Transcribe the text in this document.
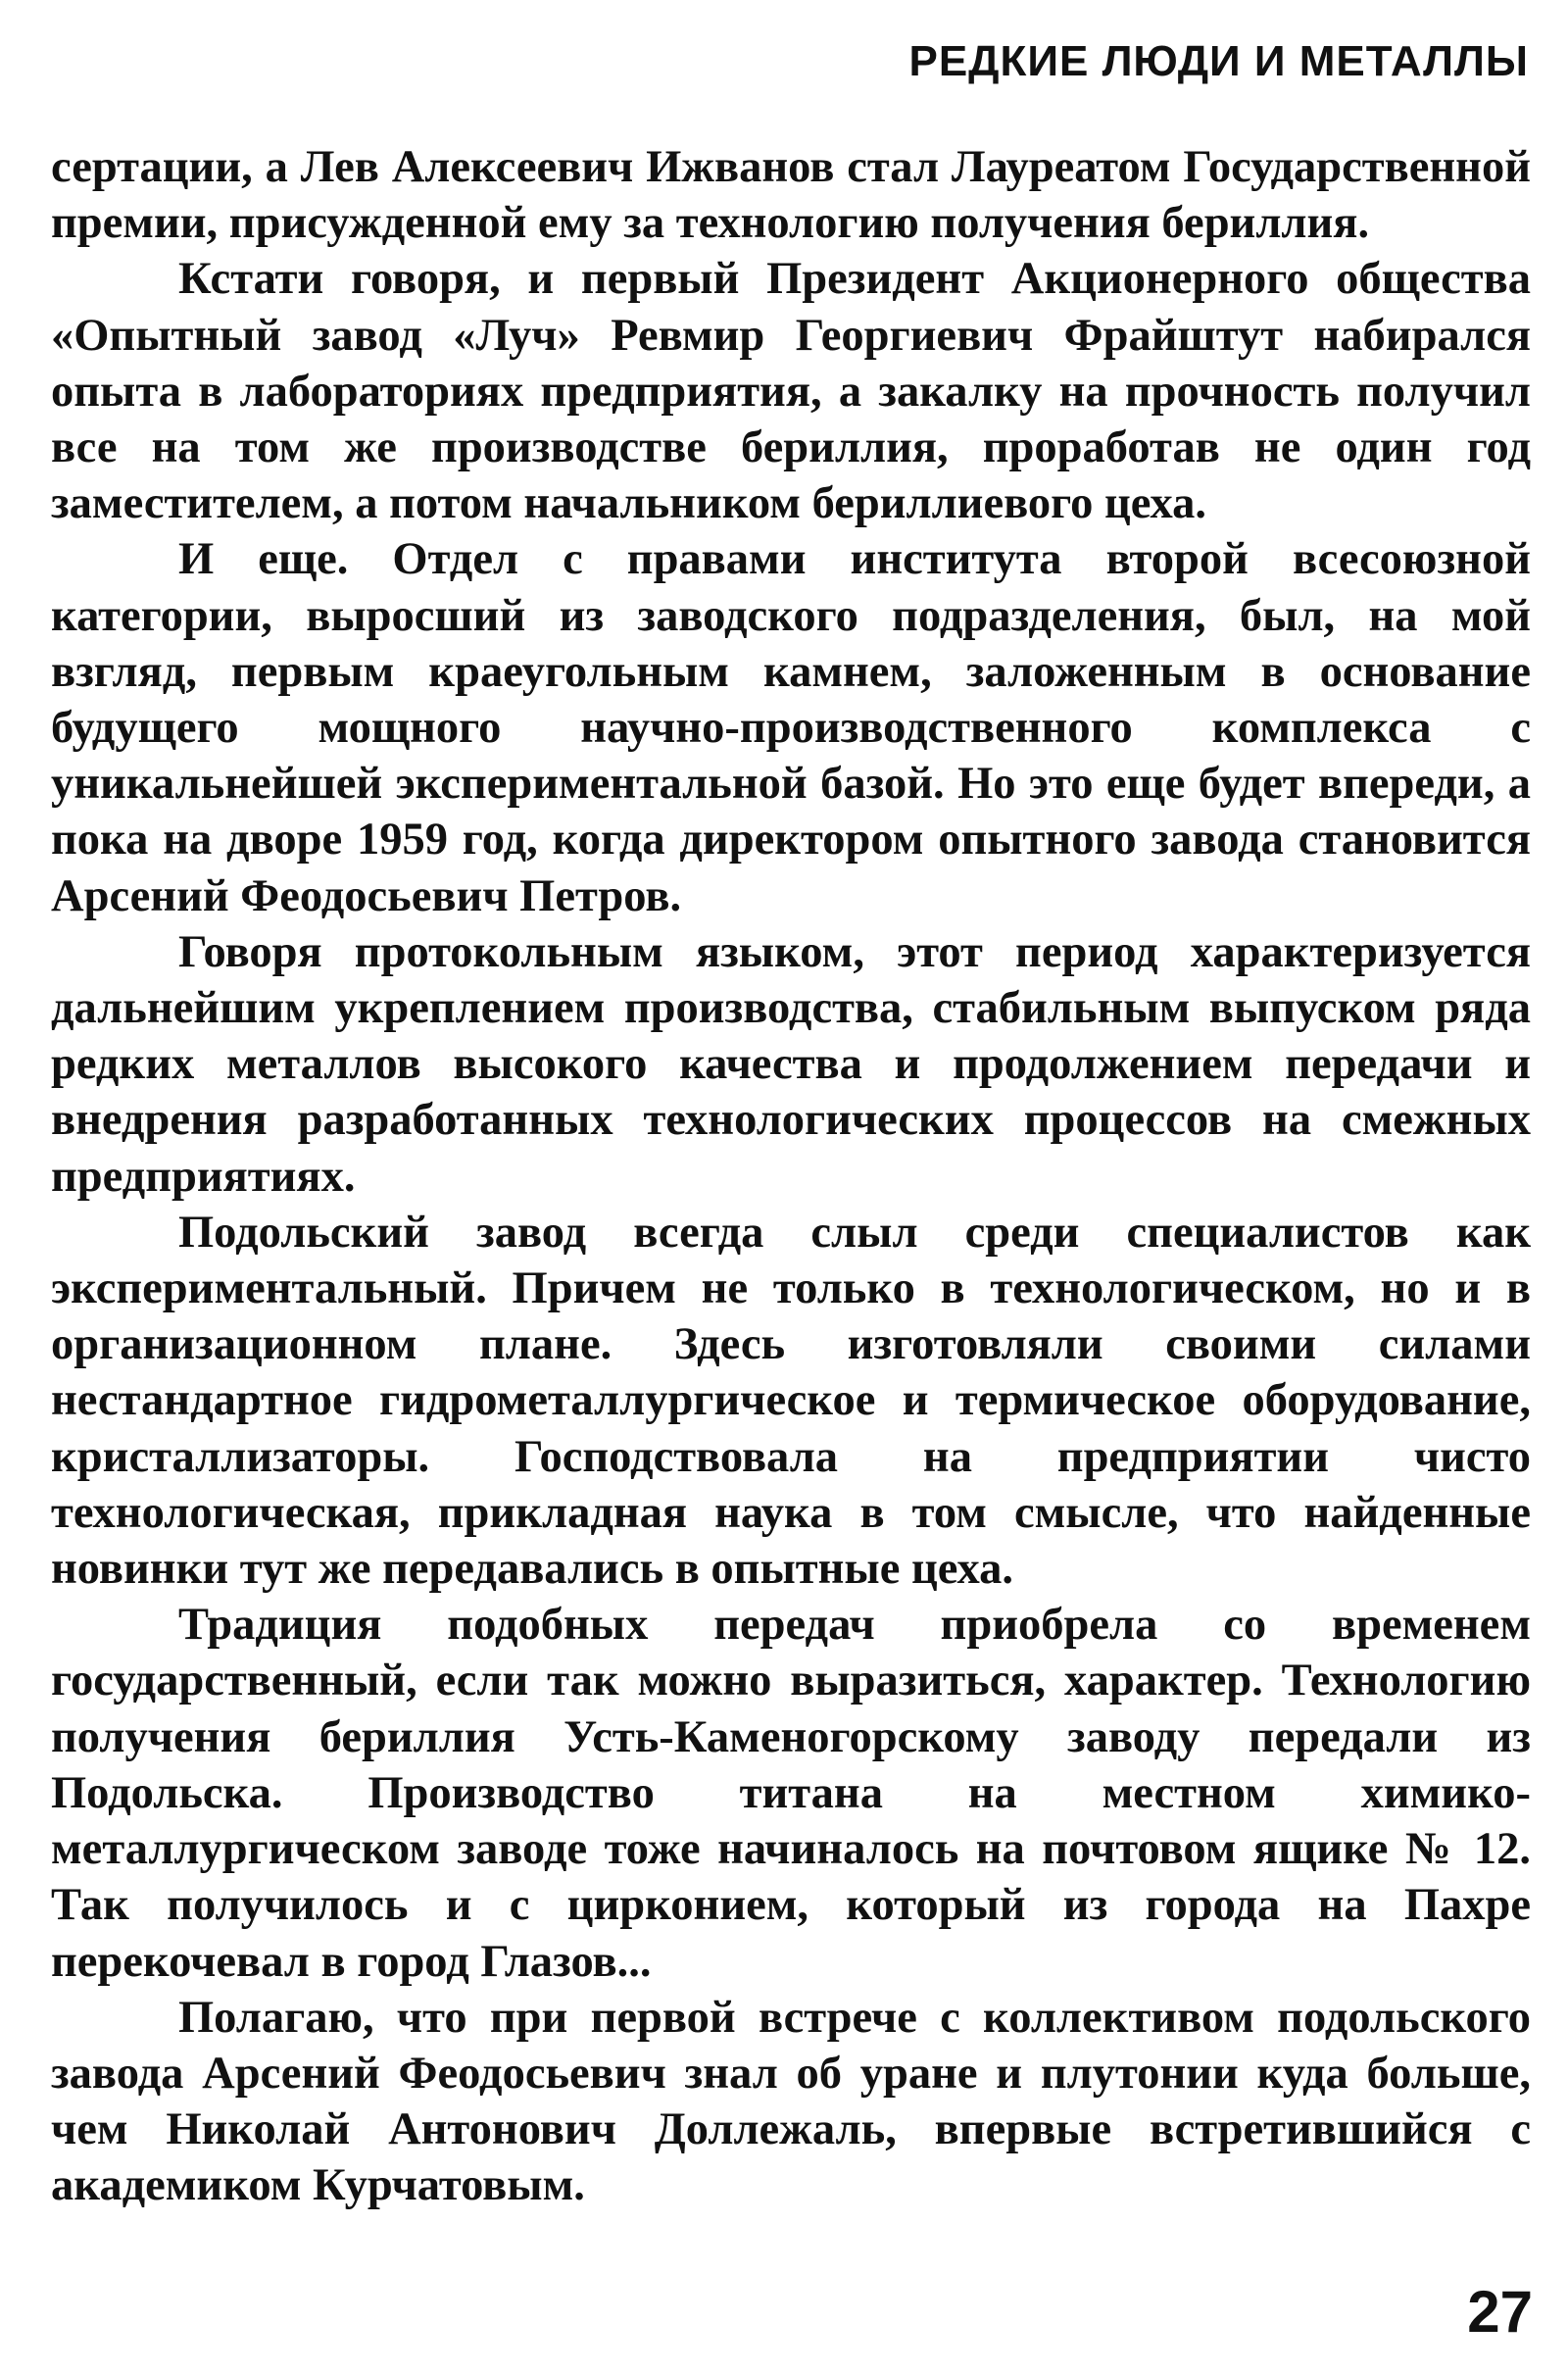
РЕДКИЕ ЛЮДИ И МЕТАЛЛЫ

сертации, а Лев Алексеевич Ижванов стал Лауреатом Государственной премии, присужденной ему за технологию получения бериллия.

Кстати говоря, и первый Президент Акционерного общества «Опытный завод «Луч» Ревмир Георгиевич Фрайштут набирался опыта в лабораториях предприятия, а закалку на прочность получил все на том же производстве бериллия, проработав не один год заместителем, а потом начальником бериллиевого цеха.

И еще. Отдел с правами института второй всесоюзной категории, выросший из заводского подразделения, был, на мой взгляд, первым краеугольным камнем, заложенным в основание будущего мощного научно-производственного комплекса с уникальнейшей экспериментальной базой. Но это еще будет впереди, а пока на дворе 1959 год, когда директором опытного завода становится Арсений Феодосьевич Петров.

Говоря протокольным языком, этот период характеризуется дальнейшим укреплением производства, стабильным выпуском ряда редких металлов высокого качества и продолжением передачи и внедрения разработанных технологических процессов на смежных предприятиях.

Подольский завод всегда слыл среди специалистов как экспериментальный. Причем не только в технологическом, но и в организационном плане. Здесь изготовляли своими силами нестандартное гидрометаллургическое и термическое оборудование, кристаллизаторы. Господствовала на предприятии чисто технологическая, прикладная наука в том смысле, что найденные новинки тут же передавались в опытные цеха.

Традиция подобных передач приобрела со временем государственный, если так можно выразиться, характер. Технологию получения бериллия Усть-Каменогорскому заводу передали из Подольска. Производство титана на местном химико-металлургическом заводе тоже начиналось на почтовом ящике № 12. Так получилось и с цирконием, который из города на Пахре перекочевал в город Глазов...

Полагаю, что при первой встрече с коллективом подольского завода Арсений Феодосьевич знал об уране и плутонии куда больше, чем Николай Антонович Доллежаль, впервые встретившийся с академиком Курчатовым.

27
